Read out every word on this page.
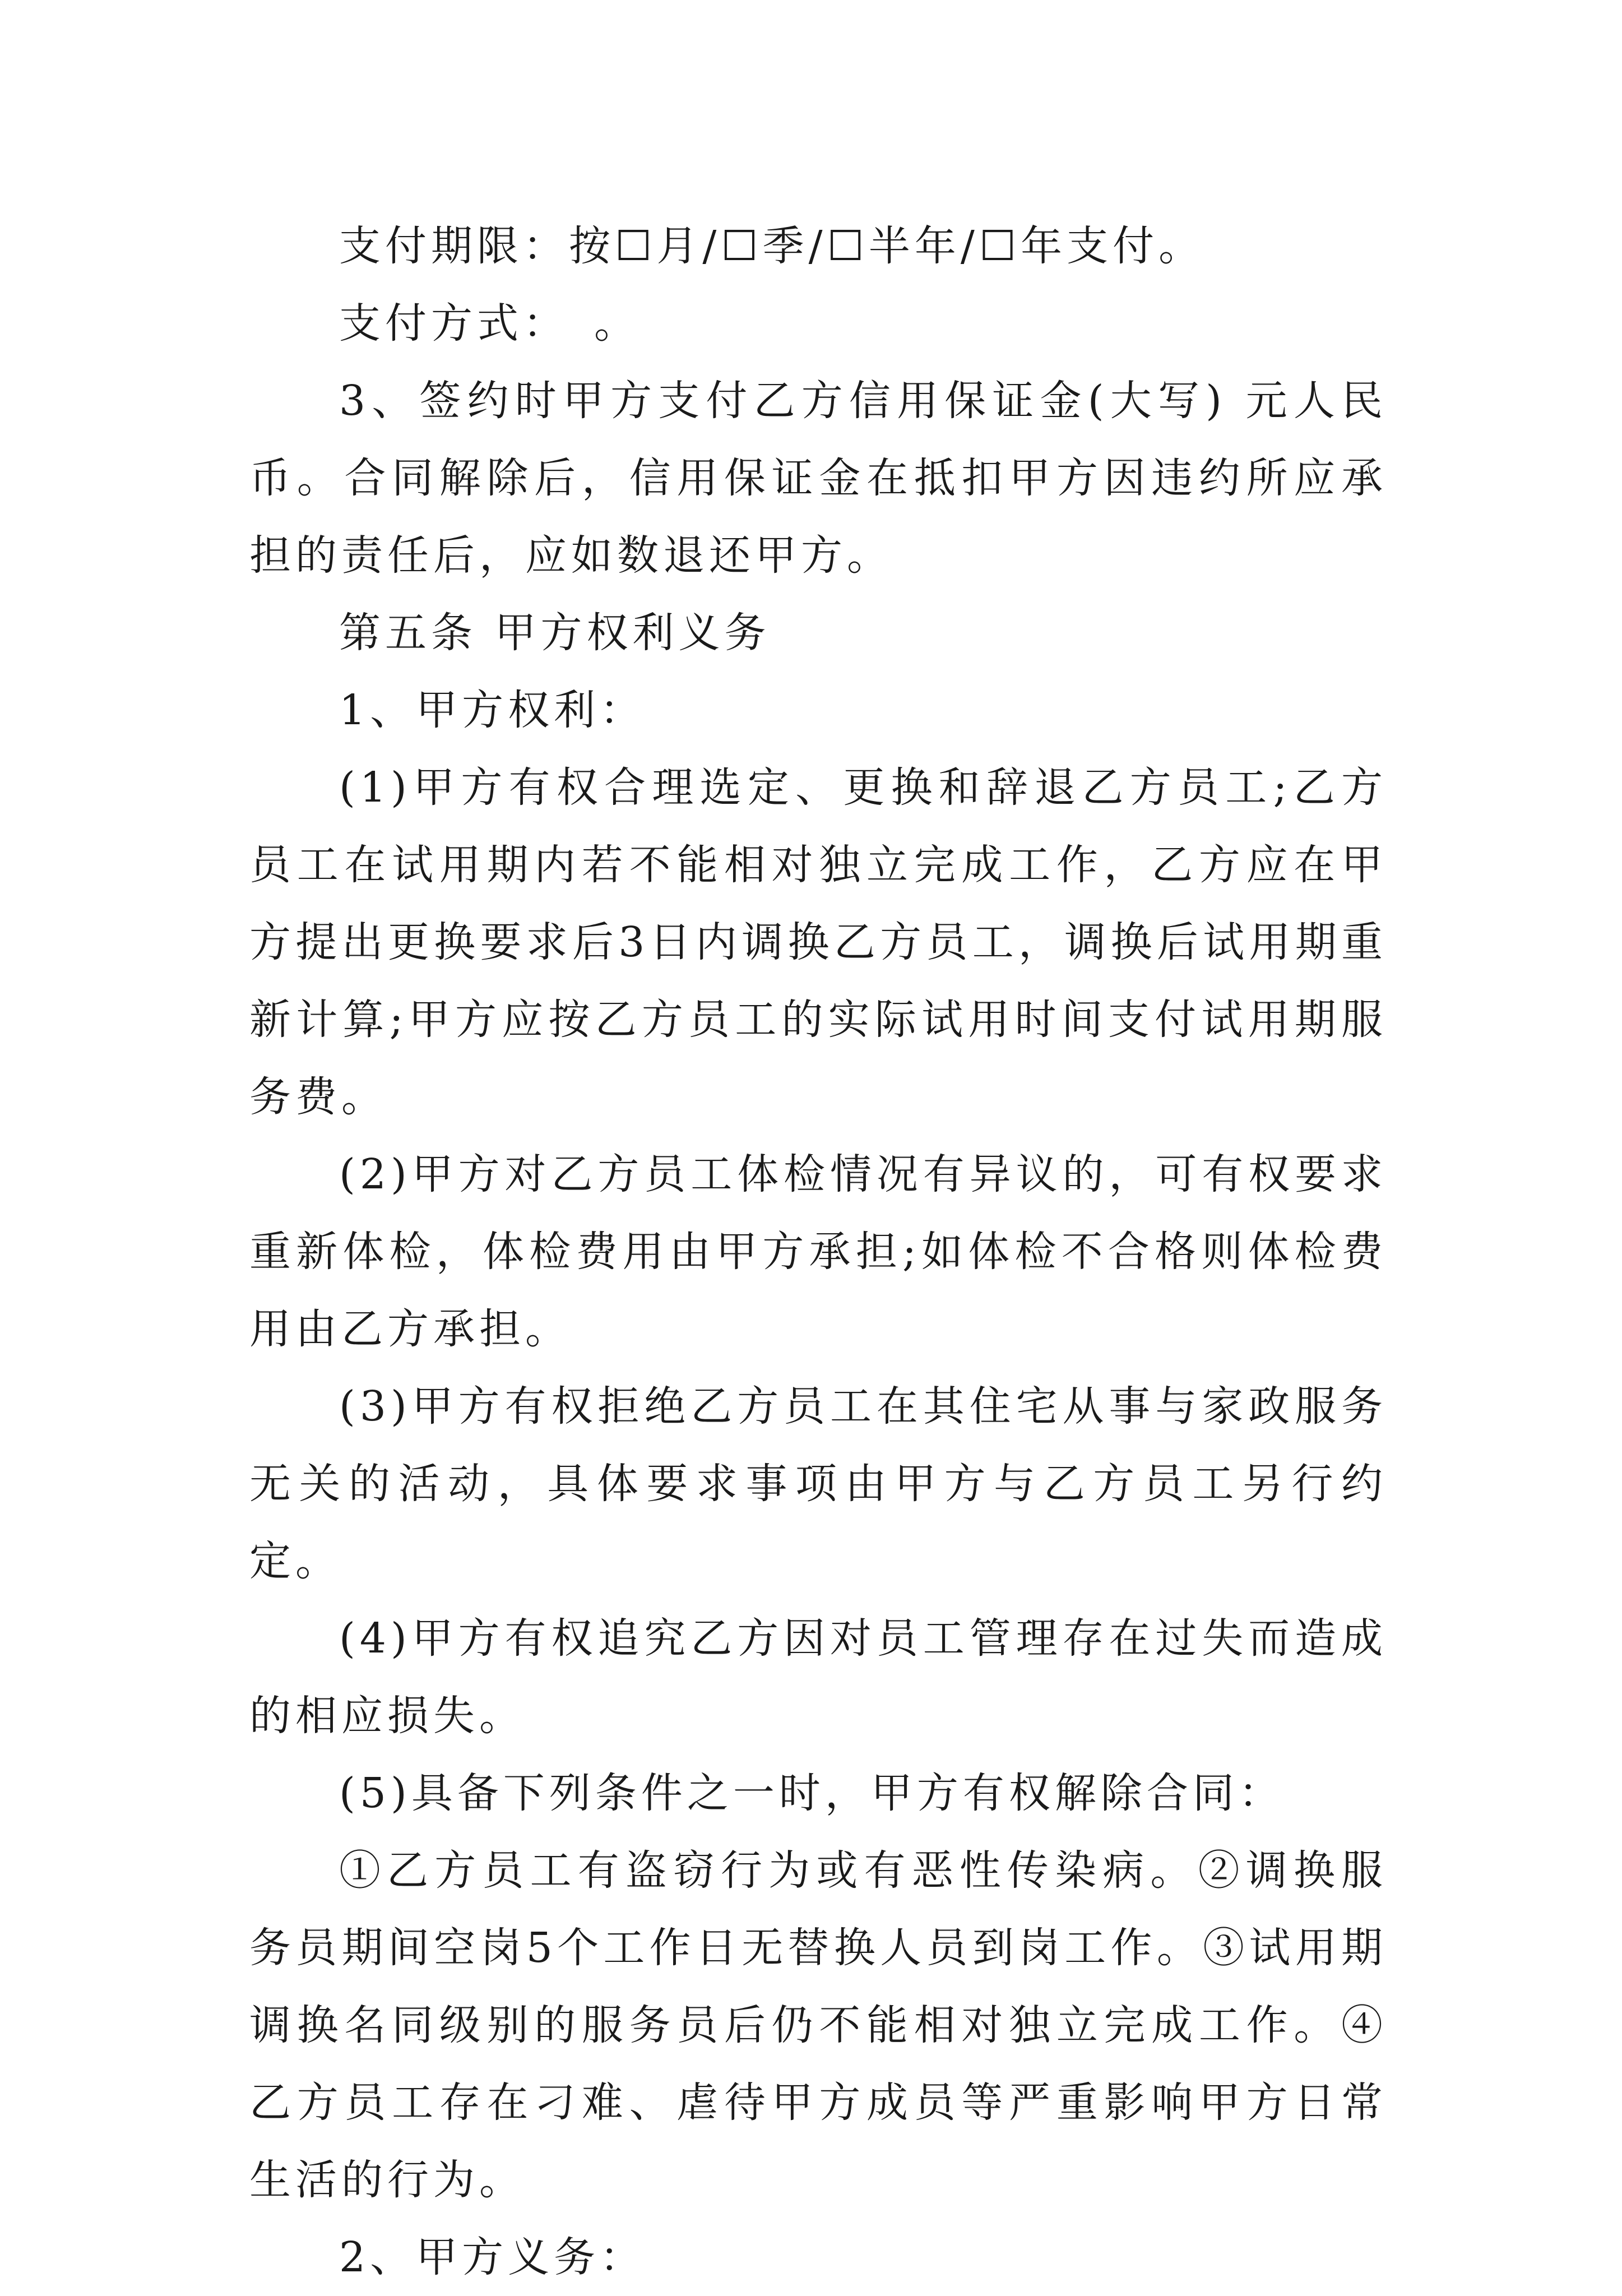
支付期限：按☐月/☐季/☐半年/☐年支付。

支付方式：　。

3、签约时甲方支付乙方信用保证金(大写) 元人民币。合同解除后，信用保证金在抵扣甲方因违约所应承担的责任后，应如数退还甲方。

第五条 甲方权利义务

1、甲方权利：

(1)甲方有权合理选定、更换和辞退乙方员工;乙方员工在试用期内若不能相对独立完成工作，乙方应在甲方提出更换要求后3日内调换乙方员工，调换后试用期重新计算;甲方应按乙方员工的实际试用时间支付试用期服务费。

(2)甲方对乙方员工体检情况有异议的，可有权要求重新体检，体检费用由甲方承担;如体检不合格则体检费用由乙方承担。

(3)甲方有权拒绝乙方员工在其住宅从事与家政服务无关的活动，具体要求事项由甲方与乙方员工另行约定。

(4)甲方有权追究乙方因对员工管理存在过失而造成的相应损失。

(5)具备下列条件之一时，甲方有权解除合同：

①乙方员工有盗窃行为或有恶性传染病。②调换服务员期间空岗5个工作日无替换人员到岗工作。③试用期调换名同级别的服务员后仍不能相对独立完成工作。④乙方员工存在刁难、虐待甲方成员等严重影响甲方日常生活的行为。

2、甲方义务：
